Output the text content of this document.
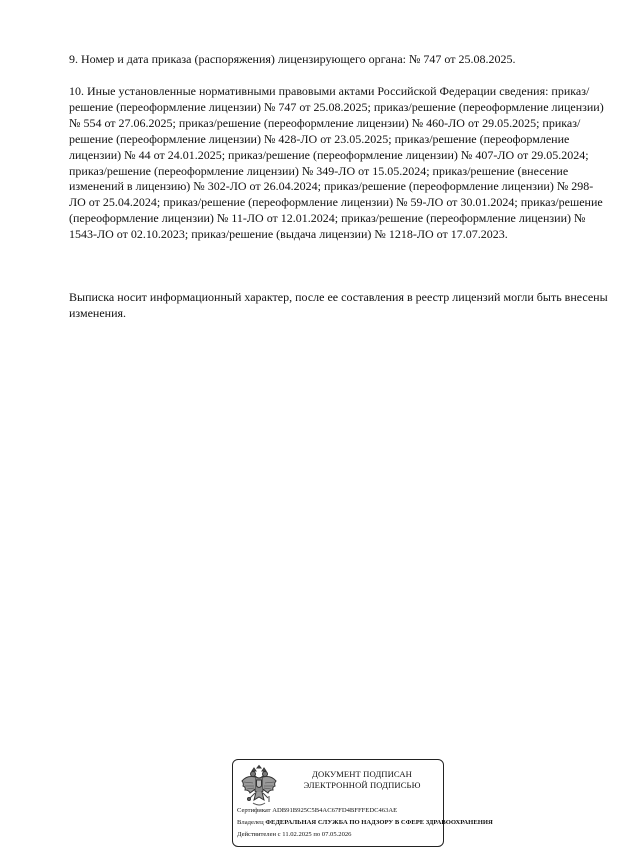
9. Номер и дата приказа (распоряжения) лицензирующего органа: № 747 от 25.08.2025.

10. Иные установленные нормативными правовыми актами Российской Федерации сведения: приказ/решение (переоформление лицензии) № 747 от 25.08.2025; приказ/решение (переоформление лицензии) № 554 от 27.06.2025; приказ/решение (переоформление лицензии) № 460-ЛО от 29.05.2025; приказ/решение (переоформление лицензии) № 428-ЛО от 23.05.2025; приказ/решение (переоформление лицензии) № 44 от 24.01.2025; приказ/решение (переоформление лицензии) № 407-ЛО от 29.05.2024; приказ/решение (переоформление лицензии) № 349-ЛО от 15.05.2024; приказ/решение (внесение изменений в лицензию) № 302-ЛО от 26.04.2024; приказ/решение (переоформление лицензии) № 298-ЛО от 25.04.2024; приказ/решение (переоформление лицензии) № 59-ЛО от 30.01.2024; приказ/решение (переоформление лицензии) № 11-ЛО от 12.01.2024; приказ/решение (переоформление лицензии) № 1543-ЛО от 02.10.2023; приказ/решение (выдача лицензии) № 1218-ЛО от 17.07.2023.

Выписка носит информационный характер, после ее составления в реестр лицензий могли быть внесены изменения.

ДОКУМЕНТ ПОДПИСАН
ЭЛЕКТРОННОЙ ПОДПИСЬЮ
Сертификат ADB91B925C5B4AC67FD4BFFFEDC463AE
Владелец ФЕДЕРАЛЬНАЯ СЛУЖБА ПО НАДЗОРУ В СФЕРЕ ЗДРАВООХРАНЕНИЯ
Действителен с 11.02.2025 по 07.05.2026
